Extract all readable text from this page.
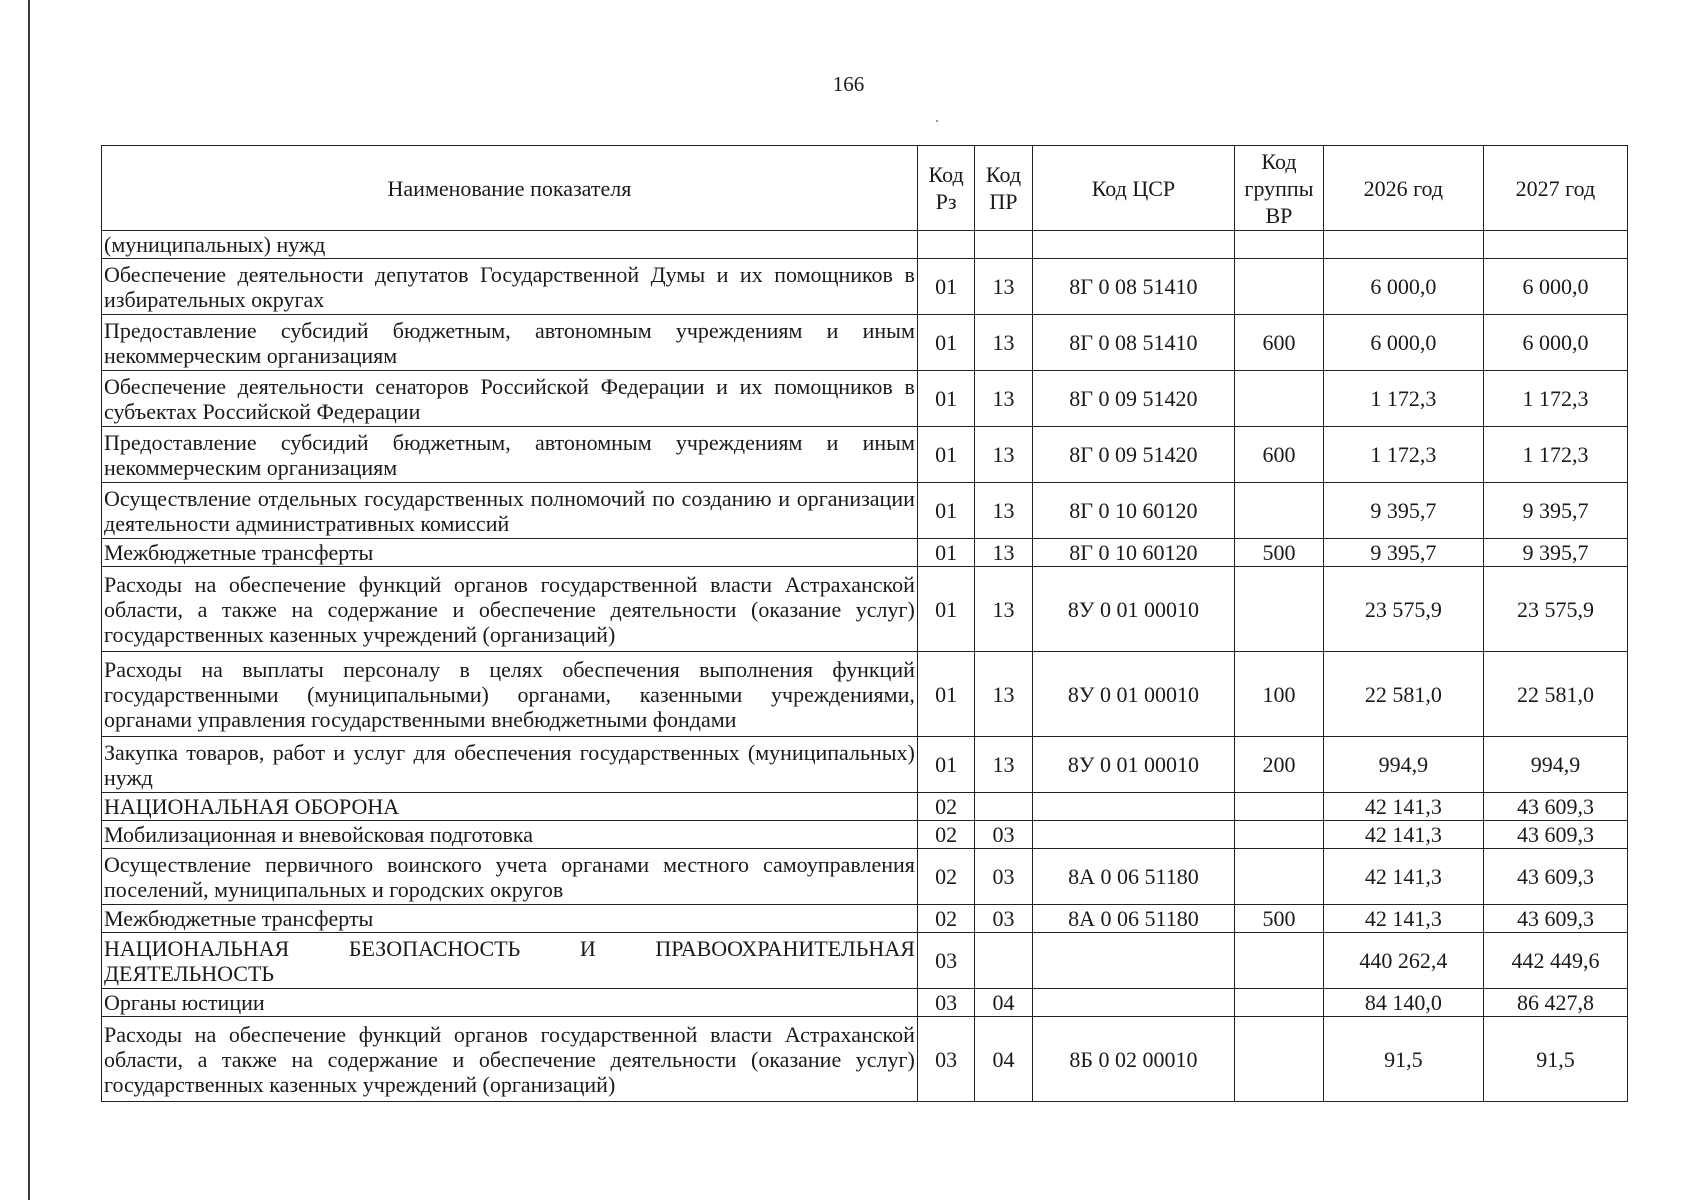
166
Наименование показателя	Код Рз	Код ПР	Код ЦСР	Код группы ВР	2026 год	2027 год
(муниципальных) нужд						
Обеспечение деятельности депутатов Государственной Думы и их помощников в избирательных округах	01	13	8Г 0 08 51410		6 000,0	6 000,0
Предоставление субсидий бюджетным, автономным учреждениям и иным некоммерческим организациям	01	13	8Г 0 08 51410	600	6 000,0	6 000,0
Обеспечение деятельности сенаторов Российской Федерации и их помощников в субъектах Российской Федерации	01	13	8Г 0 09 51420		1 172,3	1 172,3
Предоставление субсидий бюджетным, автономным учреждениям и иным некоммерческим организациям	01	13	8Г 0 09 51420	600	1 172,3	1 172,3
Осуществление отдельных государственных полномочий по созданию и организации деятельности административных комиссий	01	13	8Г 0 10 60120		9 395,7	9 395,7
Межбюджетные трансферты	01	13	8Г 0 10 60120	500	9 395,7	9 395,7
Расходы на обеспечение функций органов государственной власти Астраханской области, а также на содержание и обеспечение деятельности (оказание услуг) государственных казенных учреждений (организаций)	01	13	8У 0 01 00010		23 575,9	23 575,9
Расходы на выплаты персоналу в целях обеспечения выполнения функций государственными (муниципальными) органами, казенными учреждениями, органами управления государственными внебюджетными фондами	01	13	8У 0 01 00010	100	22 581,0	22 581,0
Закупка товаров, работ и услуг для обеспечения государственных (муниципальных) нужд	01	13	8У 0 01 00010	200	994,9	994,9
НАЦИОНАЛЬНАЯ ОБОРОНА	02				42 141,3	43 609,3
Мобилизационная и вневойсковая подготовка	02	03			42 141,3	43 609,3
Осуществление первичного воинского учета органами местного самоуправления поселений, муниципальных и городских округов	02	03	8А 0 06 51180		42 141,3	43 609,3
Межбюджетные трансферты	02	03	8А 0 06 51180	500	42 141,3	43 609,3
НАЦИОНАЛЬНАЯ БЕЗОПАСНОСТЬ И ПРАВООХРАНИТЕЛЬНАЯ ДЕЯТЕЛЬНОСТЬ	03				440 262,4	442 449,6
Органы юстиции	03	04			84 140,0	86 427,8
Расходы на обеспечение функций органов государственной власти Астраханской области, а также на содержание и обеспечение деятельности (оказание услуг) государственных казенных учреждений (организаций)	03	04	8Б 0 02 00010		91,5	91,5
